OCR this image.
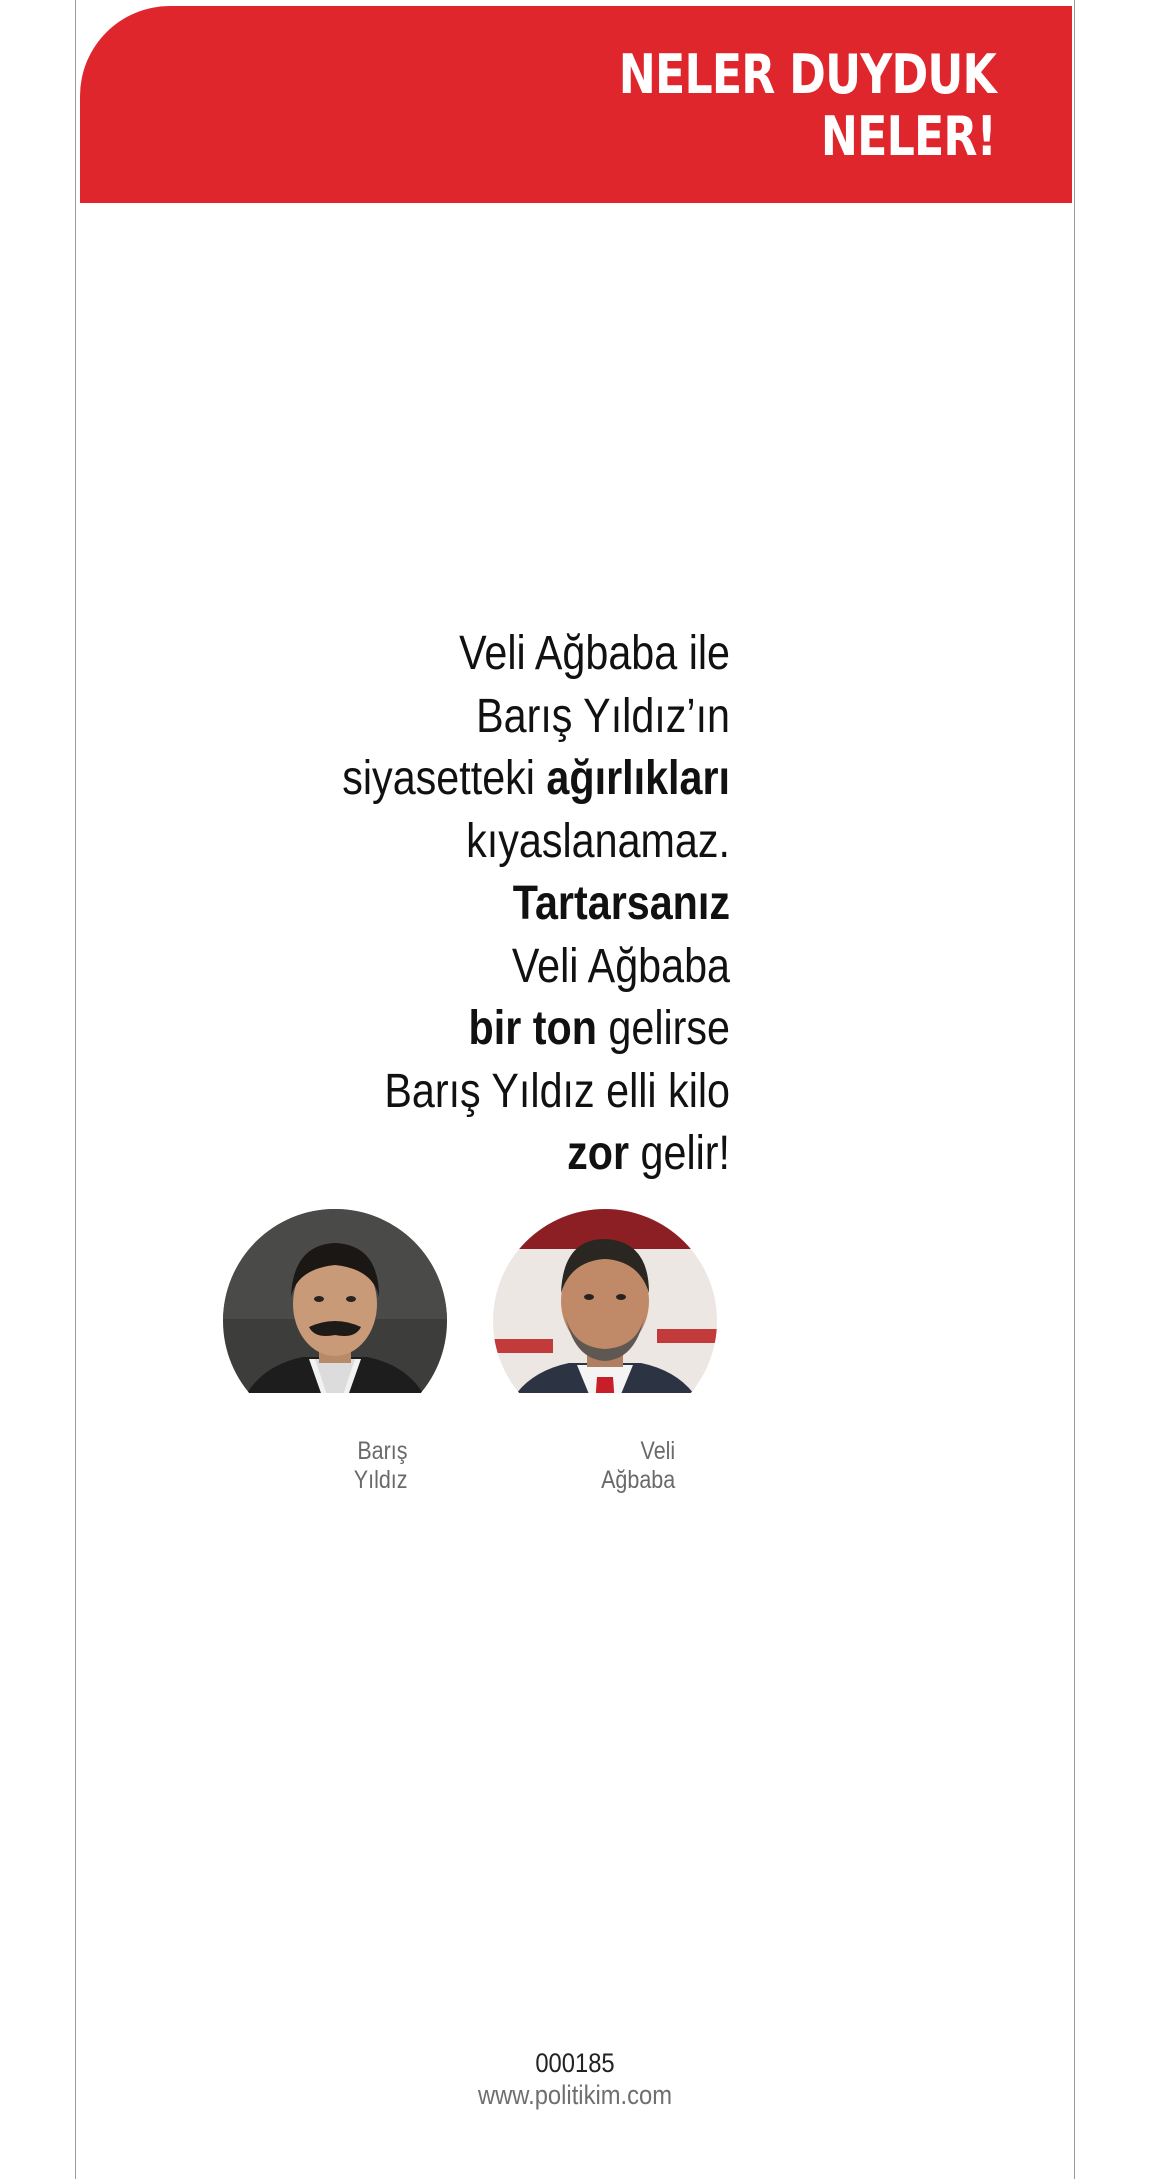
NELER DUYDUK
NELER!

Veli Ağbaba ile
Barış Yıldız’ın
siyasetteki ağırlıkları
kıyaslanamaz.
Tartarsanız
Veli Ağbaba
bir ton gelirse
Barış Yıldız elli kilo
zor gelir!

Barış
Yıldız
Veli
Ağbaba
000185
www.politikim.com
